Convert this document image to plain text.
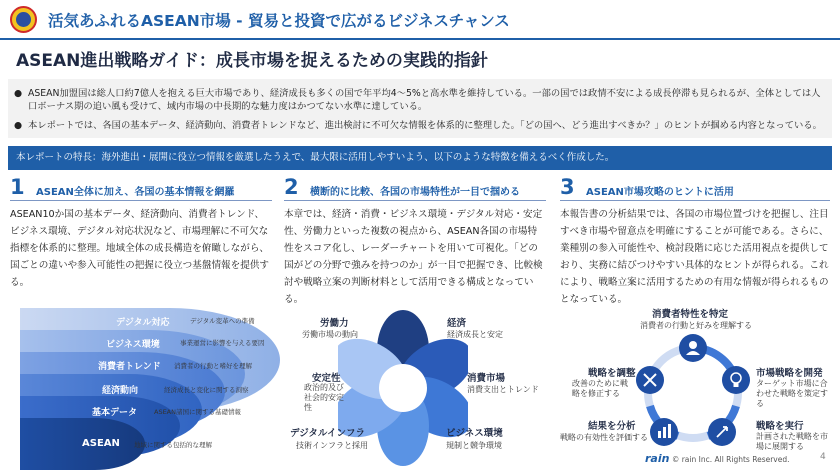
活気あふれるASEAN市場 - 貿易と投資で広がるビジネスチャンス
ASEAN進出戦略ガイド：成長市場を捉えるための実践的指針
● ASEAN加盟国は総人口約7億人を抱える巨大市場であり、経済成長も多くの国で年平均4～5%と高水準を維持している。一部の国では政情不安による成長停滞も見られるが、全体としては人口ボーナス期の追い風も受けて、域内市場の中長期的な魅力度はかつてない水準に達している。
● 本レポートでは、各国の基本データ、経済動向、消費者トレンドなど、進出検討に不可欠な情報を体系的に整理した。「どの国へ、どう進出すべきか？」のヒントが掴める内容となっている。
本レポートの特長：海外進出・展開に役立つ情報を厳選したうえで、最大限に活用しやすいよう、以下のような特徴を備えるべく作成した。
1 ASEAN全体に加え、各国の基本情報を網羅
ASEAN10か国の基本データ、経済動向、消費者トレンド、ビジネス環境、デジタル対応状況など、市場理解に不可欠な指標を体系的に整理。地域全体の成長構造を俯瞰しながら、国ごとの違いや参入可能性の把握に役立つ基盤情報を提供する。
2 横断的に比較、各国の市場特性が一目で掴める
本章では、経済・消費・ビジネス環境・デジタル対応・安定性、労働力といった複数の視点から、ASEAN各国の市場特性をスコア化し、レーダーチャートを用いて可視化。「どの国がどの分野で強みを持つのか」が一目で把握でき、比較検討や戦略立案の判断材料として活用できる構成となっている。
3 ASEAN市場攻略のヒントに活用
本報告書の分析結果では、各国の市場位置づけを把握し、注目すべき市場や留意点を明確にすることが可能である。さらに、業種別の参入可能性や、検討段階に応じた活用視点を提供しており、実務に結びつけやすい具体的なヒントが得られる。これにより、戦略立案に活用するための有用な情報が得られるものとなっている。
デジタル対応
ビジネス環境
消費者トレンド
経済動向
基本データ
ASEAN
デジタル変革への準備
事業運営に影響を与える要因
消費者の行動と嗜好を理解
経済成長と変化に関する洞察
ASEAN諸国に関する基礎情報
地域に関する包括的な理解
労働力
労働市場の動向
経済
経済成長と安定
安定性
政治的及び社会的安定性
消費市場
消費支出とトレンド
デジタルインフラ
技術インフラと採用
ビジネス環境
規制と競争環境
消費者特性を特定
消費者の行動と好みを理解する
市場戦略を開発
ターゲット市場に合わせた戦略を策定する
戦略を実行
計画された戦略を市場に展開する
結果を分析
戦略の有効性を評価する
戦略を調整
改善のために戦略を修正する
rain © rain Inc. All Rights Reserved.	4
